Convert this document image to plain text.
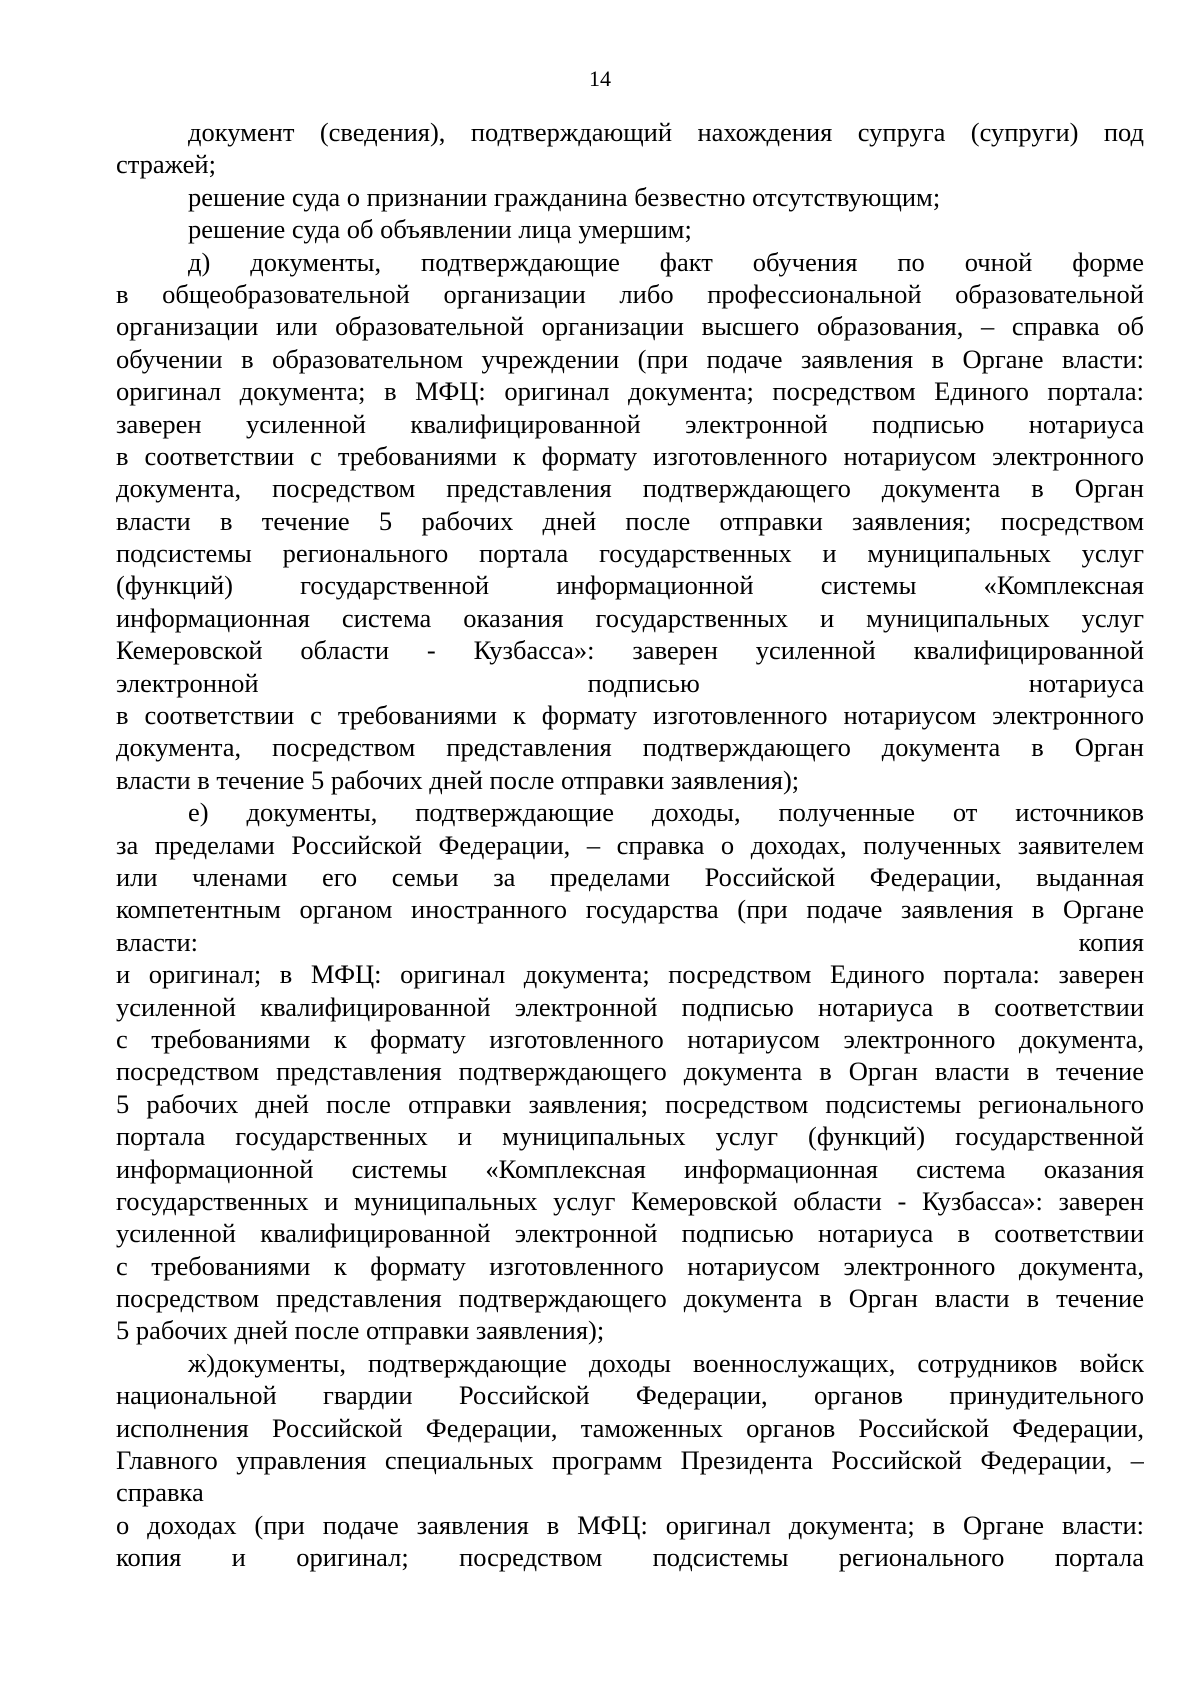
14
документ (сведения), подтверждающий нахождения супруга (супруги) под
стражей;
решение суда о признании гражданина безвестно отсутствующим;
решение суда об объявлении лица умершим;
д) документы, подтверждающие факт обучения по очной форме
в общеобразовательной организации либо профессиональной образовательной
организации или образовательной организации высшего образования, – справка об
обучении в образовательном учреждении (при подаче заявления в Органе власти:
оригинал документа; в МФЦ: оригинал документа; посредством Единого портала:
заверен усиленной квалифицированной электронной подписью нотариуса
в соответствии с требованиями к формату изготовленного нотариусом электронного
документа, посредством представления подтверждающего документа в Орган
власти в течение 5 рабочих дней после отправки заявления; посредством
подсистемы регионального портала государственных и муниципальных услуг
(функций) государственной информационной системы «Комплексная
информационная система оказания государственных и муниципальных услуг
Кемеровской области - Кузбасса»: заверен усиленной квалифицированной
электронной подписью нотариуса
в соответствии с требованиями к формату изготовленного нотариусом электронного
документа, посредством представления подтверждающего документа в Орган
власти в течение 5 рабочих дней после отправки заявления);
е) документы, подтверждающие доходы, полученные от источников
за пределами Российской Федерации, – справка о доходах, полученных заявителем
или членами его семьи за пределами Российской Федерации, выданная
компетентным органом иностранного государства (при подаче заявления в Органе
власти: копия
и оригинал; в МФЦ: оригинал документа; посредством Единого портала: заверен
усиленной квалифицированной электронной подписью нотариуса в соответствии
с требованиями к формату изготовленного нотариусом электронного документа,
посредством представления подтверждающего документа в Орган власти в течение
5 рабочих дней после отправки заявления; посредством подсистемы регионального
портала государственных и муниципальных услуг (функций) государственной
информационной системы «Комплексная информационная система оказания
государственных и муниципальных услуг Кемеровской области - Кузбасса»: заверен
усиленной квалифицированной электронной подписью нотариуса в соответствии
с требованиями к формату изготовленного нотариусом электронного документа,
посредством представления подтверждающего документа в Орган власти в течение
5 рабочих дней после отправки заявления);
ж)документы, подтверждающие доходы военнослужащих, сотрудников войск
национальной гвардии Российской Федерации, органов принудительного
исполнения Российской Федерации, таможенных органов Российской Федерации,
Главного управления специальных программ Президента Российской Федерации, –
справка
о доходах (при подаче заявления в МФЦ: оригинал документа; в Органе власти:
копия и оригинал; посредством подсистемы регионального портала
